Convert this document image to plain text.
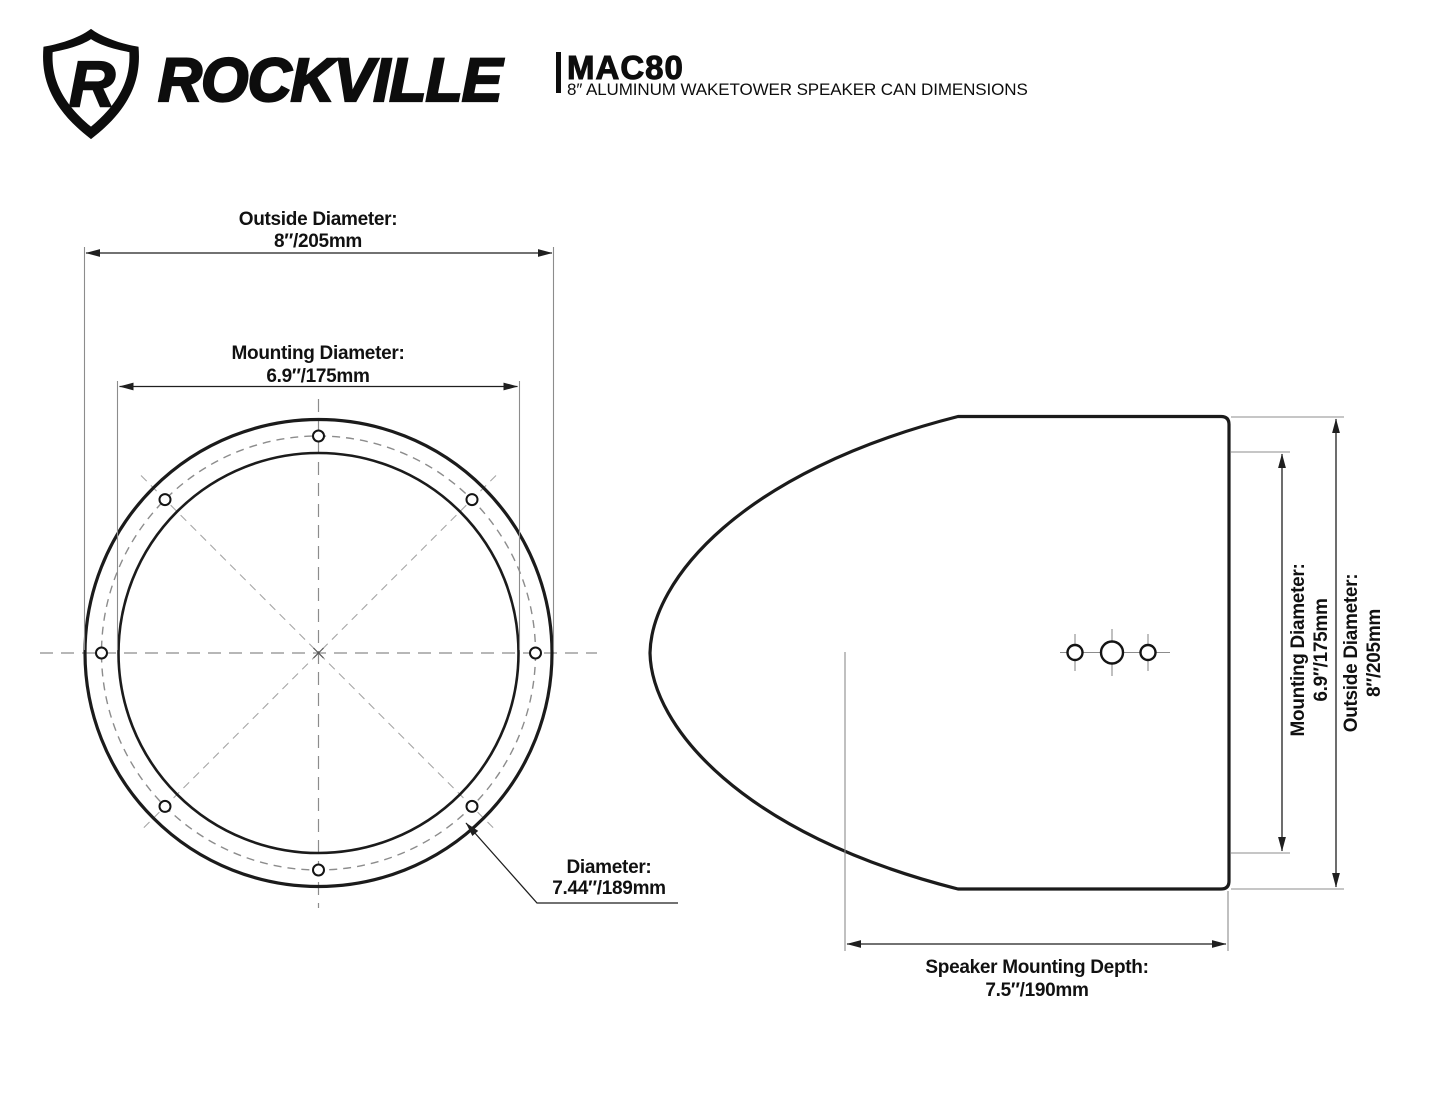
R ROCKVILLE MAC80
8″ ALUMINUM WAKETOWER SPEAKER CAN DIMENSIONS
Outside Diameter:
8″/205mm
Mounting Diameter:
6.9″/175mm
Diameter:
7.44″/189mm
Mounting Diameter: 6.9″/175mm Outside Diameter: 8″/205mm
Speaker Mounting Depth:
7.5″/190mm
